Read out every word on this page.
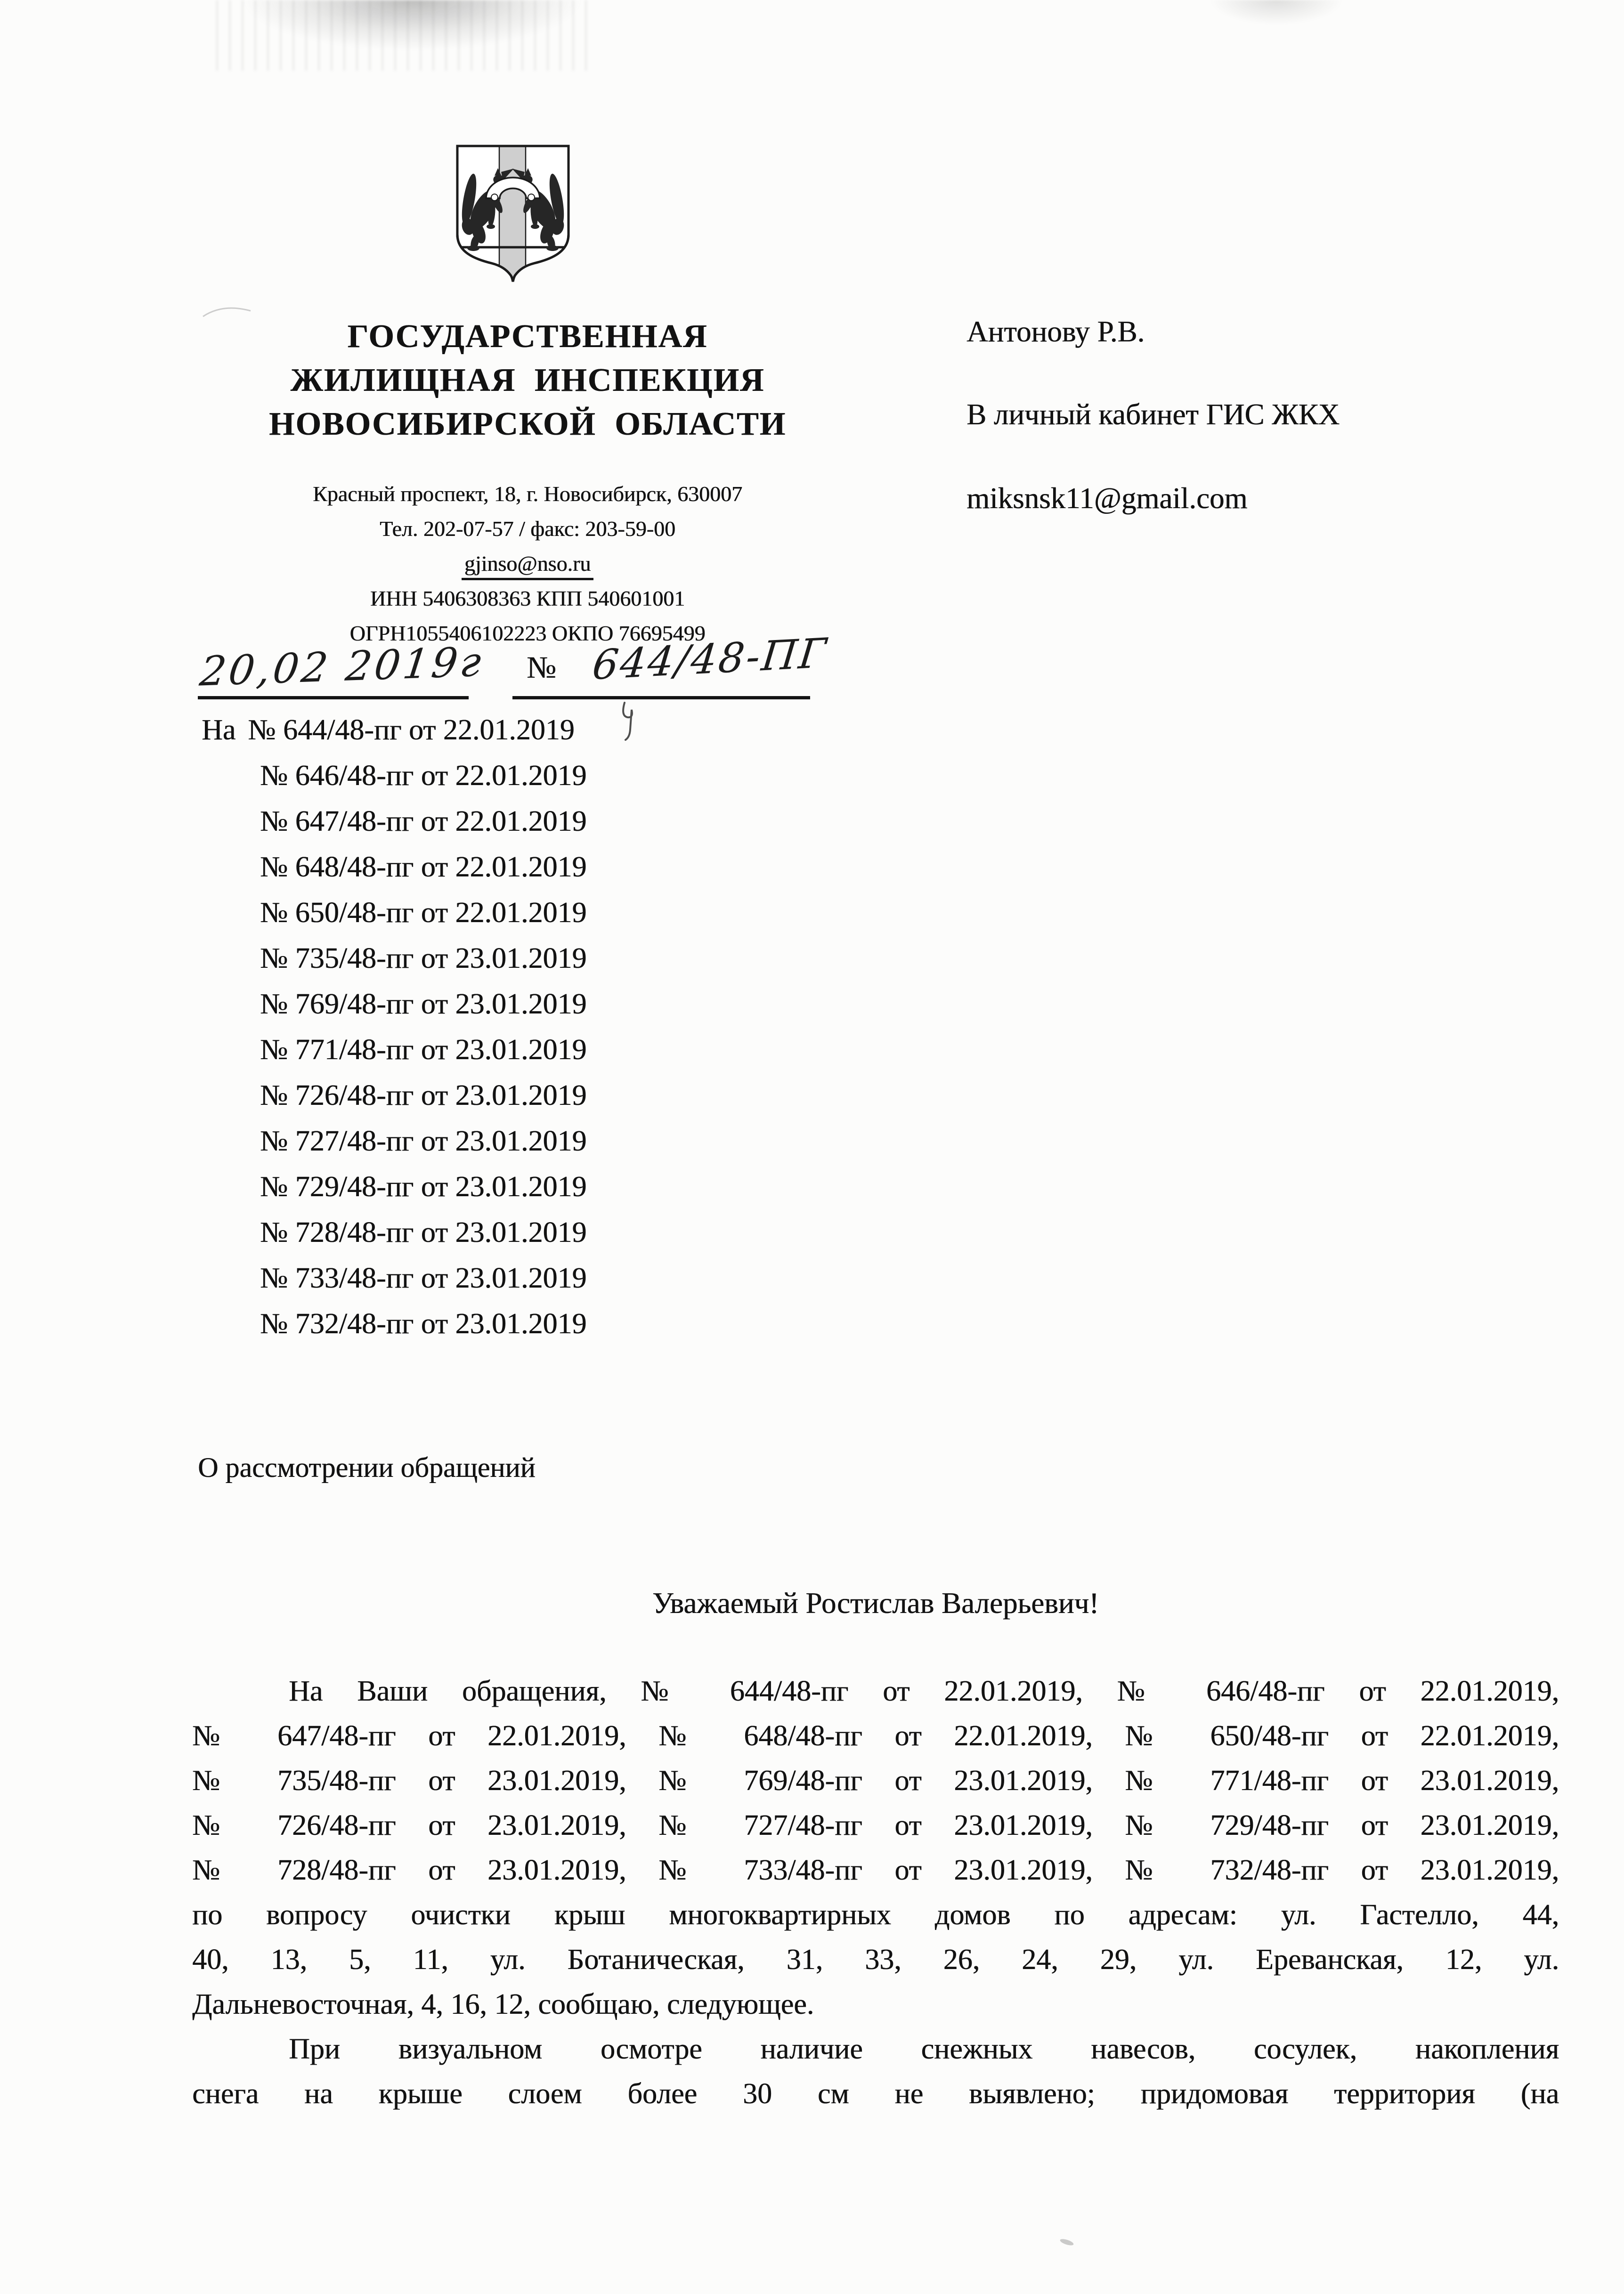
ГОСУДАРСТВЕННАЯ
ЖИЛИЩНАЯ ИНСПЕКЦИЯ
НОВОСИБИРСКОЙ ОБЛАСТИ
Красный проспект, 18, г. Новосибирск, 630007
Тел. 202-07-57 / факс: 203-59-00
gjinso@nso.ru
ИНН 5406308363 КПП 540601001
ОГРН1055406102223 ОКПО 76695499
20,02 2019г № 644/48-ПГ
Антонову Р.В.
В личный кабинет ГИС ЖКХ
miksnsk11@gmail.com
На № 644/48-пг от 22.01.2019
№ 646/48-пг от 22.01.2019
№ 647/48-пг от 22.01.2019
№ 648/48-пг от 22.01.2019
№ 650/48-пг от 22.01.2019
№ 735/48-пг от 23.01.2019
№ 769/48-пг от 23.01.2019
№ 771/48-пг от 23.01.2019
№ 726/48-пг от 23.01.2019
№ 727/48-пг от 23.01.2019
№ 729/48-пг от 23.01.2019
№ 728/48-пг от 23.01.2019
№ 733/48-пг от 23.01.2019
№ 732/48-пг от 23.01.2019
О рассмотрении обращений
Уважаемый Ростислав Валерьевич!
На Ваши обращения, № 644/48-пг от 22.01.2019, № 646/48-пг от 22.01.2019,
№ 647/48-пг от 22.01.2019, № 648/48-пг от 22.01.2019, № 650/48-пг от 22.01.2019,
№ 735/48-пг от 23.01.2019, № 769/48-пг от 23.01.2019, № 771/48-пг от 23.01.2019,
№ 726/48-пг от 23.01.2019, № 727/48-пг от 23.01.2019, № 729/48-пг от 23.01.2019,
№ 728/48-пг от 23.01.2019, № 733/48-пг от 23.01.2019, № 732/48-пг от 23.01.2019,
по вопросу очистки крыш многоквартирных домов по адресам: ул. Гастелло, 44,
40, 13, 5, 11, ул. Ботаническая, 31, 33, 26, 24, 29, ул. Ереванская, 12, ул.
Дальневосточная, 4, 16, 12, сообщаю, следующее.
При визуальном осмотре наличие снежных навесов, сосулек, накопления
снега на крыше слоем более 30 см не выявлено; придомовая территория (на
